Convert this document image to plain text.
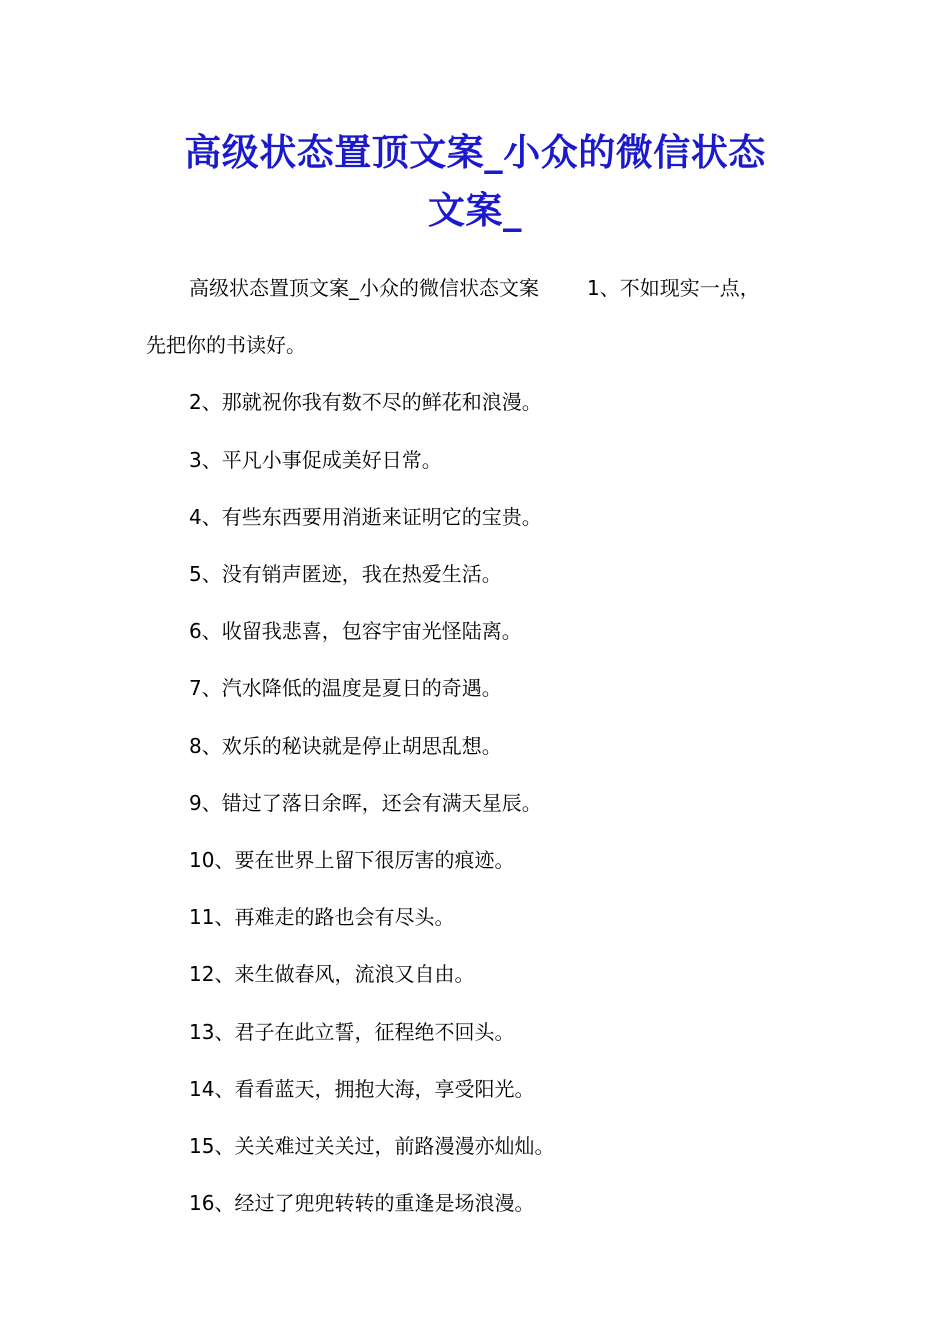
高级状态置顶文案_小众的微信状态
文案_

高级状态置顶文案_小众的微信状态文案 1、不如现实一点，
先把你的书读好。

2、那就祝你我有数不尽的鲜花和浪漫。

3、平凡小事促成美好日常。

4、有些东西要用消逝来证明它的宝贵。

5、没有销声匿迹，我在热爱生活。

6、收留我悲喜，包容宇宙光怪陆离。

7、汽水降低的温度是夏日的奇遇。

8、欢乐的秘诀就是停止胡思乱想。

9、错过了落日余晖，还会有满天星辰。

10、要在世界上留下很厉害的痕迹。

11、再难走的路也会有尽头。

12、来生做春风，流浪又自由。

13、君子在此立誓，征程绝不回头。

14、看看蓝天，拥抱大海，享受阳光。

15、关关难过关关过，前路漫漫亦灿灿。

16、经过了兜兜转转的重逢是场浪漫。
